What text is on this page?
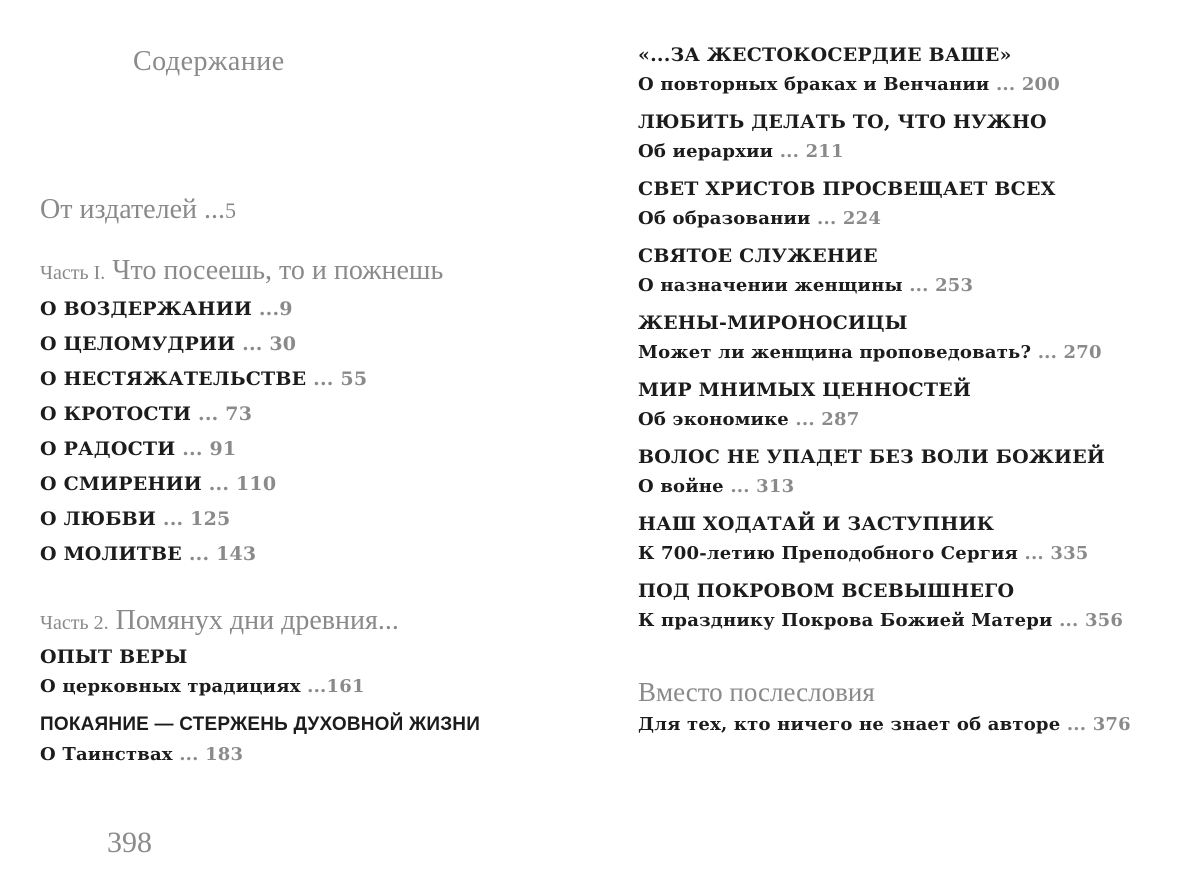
Содержание
От издателей ...5
Часть I. Что посеешь, то и пожнешь
О ВОЗДЕРЖАНИИ ...9
О ЦЕЛОМУДРИИ ... 30
О НЕСТЯЖАТЕЛЬСТВЕ ... 55
О КРОТОСТИ ... 73
О РАДОСТИ ... 91
О СМИРЕНИИ ... 110
О ЛЮБВИ ... 125
О МОЛИТВЕ ... 143
Часть 2. Помянух дни древния...
ОПЫТ ВЕРЫ
О церковных традициях ...161
ПОКАЯНИЕ — СТЕРЖЕНЬ ДУХОВНОЙ ЖИЗНИ
О Таинствах ... 183
«...ЗА ЖЕСТОКОСЕРДИЕ ВАШЕ»
О повторных браках и Венчании ... 200
ЛЮБИТЬ ДЕЛАТЬ ТО, ЧТО НУЖНО
Об иерархии ... 211
СВЕТ ХРИСТОВ ПРОСВЕЩАЕТ ВСЕХ
Об образовании ... 224
СВЯТОЕ СЛУЖЕНИЕ
О назначении женщины ... 253
ЖЕНЫ-МИРОНОСИЦЫ
Может ли женщина проповедовать? ... 270
МИР МНИМЫХ ЦЕННОСТЕЙ
Об экономике ... 287
ВОЛОС НЕ УПАДЕТ БЕЗ ВОЛИ БОЖИЕЙ
О войне ... 313
НАШ ХОДАТАЙ И ЗАСТУПНИК
К 700-летию Преподобного Сергия ... 335
ПОД ПОКРОВОМ ВСЕВЫШНЕГО
К празднику Покрова Божией Матери ... 356
Вместо послесловия
Для тех, кто ничего не знает об авторе ... 376
398
